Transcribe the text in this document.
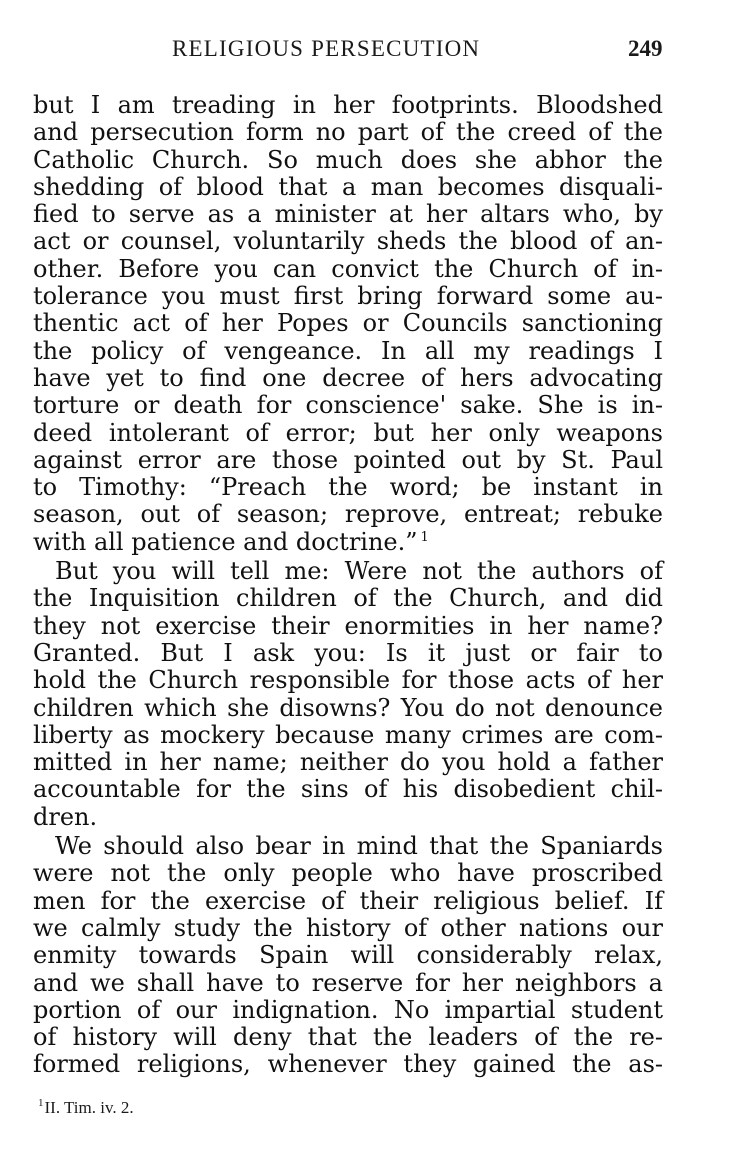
RELIGIOUS PERSECUTION	249
but I am treading in her footprints. Bloodshed
and persecution form no part of the creed of the
Catholic Church. So much does she abhor the
shedding of blood that a man becomes disquali-
fied to serve as a minister at her altars who, by
act or counsel, voluntarily sheds the blood of an-
other. Before you can convict the Church of in-
tolerance you must first bring forward some au-
thentic act of her Popes or Councils sanctioning
the policy of vengeance. In all my readings I
have yet to find one decree of hers advocating
torture or death for conscience' sake. She is in-
deed intolerant of error; but her only weapons
against error are those pointed out by St. Paul
to Timothy: “Preach the word; be instant in
season, out of season; reprove, entreat; rebuke
with all patience and doctrine.” $^1$
But you will tell me: Were not the authors of
the Inquisition children of the Church, and did
they not exercise their enormities in her name?
Granted. But I ask you: Is it just or fair to
hold the Church responsible for those acts of her
children which she disowns? You do not denounce
liberty as mockery because many crimes are com-
mitted in her name; neither do you hold a father
accountable for the sins of his disobedient chil-
dren.
We should also bear in mind that the Spaniards
were not the only people who have proscribed
men for the exercise of their religious belief. If
we calmly study the history of other nations our
enmity towards Spain will considerably relax,
and we shall have to reserve for her neighbors a
portion of our indignation. No impartial student
of history will deny that the leaders of the re-
formed religions, whenever they gained the as-
$^1$II. Tim. iv. 2.
